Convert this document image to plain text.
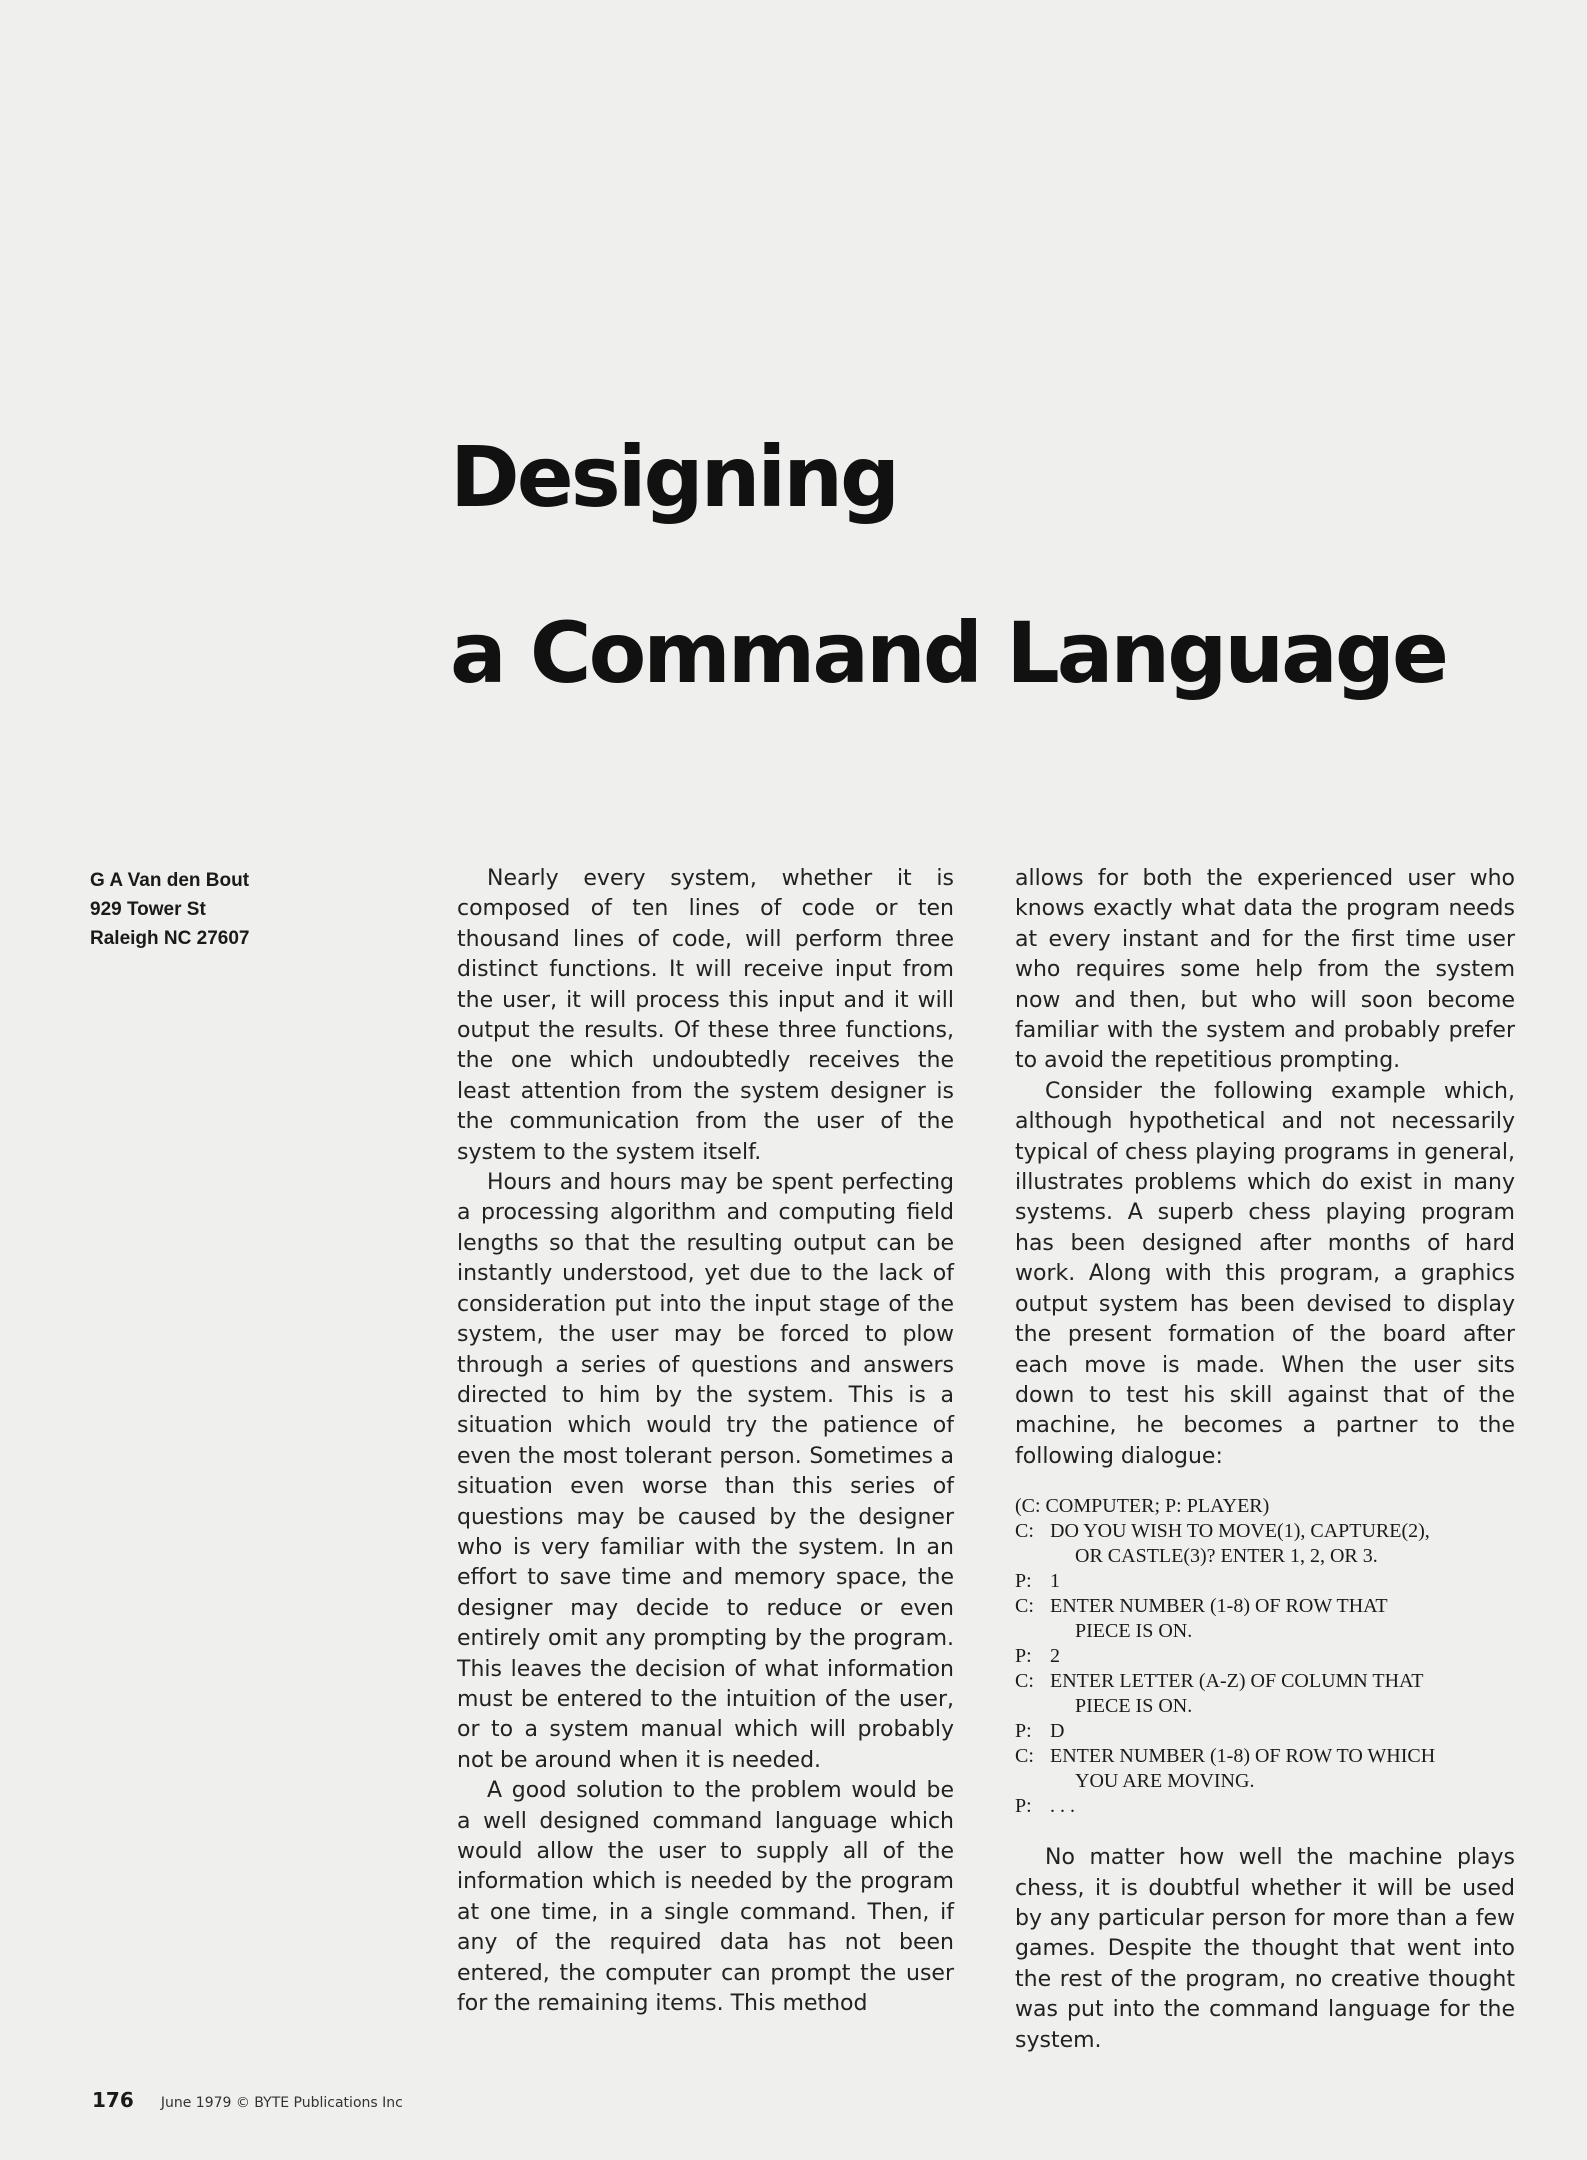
Designing
a Command Language
G A Van den Bout
929 Tower St
Raleigh NC 27607

Nearly every system, whether it is composed of ten lines of code or ten thousand lines of code, will perform three distinct functions. It will receive input from the user, it will process this input and it will output the results. Of these three functions, the one which undoubtedly receives the least attention from the system designer is the communication from the user of the system to the system itself.

Hours and hours may be spent perfecting a processing algorithm and computing field lengths so that the resulting output can be instantly understood, yet due to the lack of consideration put into the input stage of the system, the user may be forced to plow through a series of questions and answers directed to him by the system. This is a situation which would try the patience of even the most tolerant person. Sometimes a situation even worse than this series of questions may be caused by the designer who is very familiar with the system. In an effort to save time and memory space, the designer may decide to reduce or even entirely omit any prompting by the program. This leaves the decision of what information must be entered to the intuition of the user, or to a system manual which will probably not be around when it is needed.

A good solution to the problem would be a well designed command language which would allow the user to supply all of the information which is needed by the program at one time, in a single command. Then, if any of the required data has not been entered, the computer can prompt the user for the remaining items. This method

allows for both the experienced user who knows exactly what data the program needs at every instant and for the first time user who requires some help from the system now and then, but who will soon become familiar with the system and probably prefer to avoid the repetitious prompting.

Consider the following example which, although hypothetical and not necessarily typical of chess playing programs in general, illustrates problems which do exist in many systems. A superb chess playing program has been designed after months of hard work. Along with this program, a graphics output system has been devised to display the present formation of the board after each move is made. When the user sits down to test his skill against that of the machine, he becomes a partner to the following dialogue:

(C: COMPUTER; P: PLAYER)
C: DO YOU WISH TO MOVE(1), CAPTURE(2),
OR CASTLE(3)? ENTER 1, 2, OR 3.
P: 1
C: ENTER NUMBER (1-8) OF ROW THAT
PIECE IS ON.
P: 2
C: ENTER LETTER (A-Z) OF COLUMN THAT
PIECE IS ON.
P: D
C: ENTER NUMBER (1-8) OF ROW TO WHICH
YOU ARE MOVING.
P: . . .

No matter how well the machine plays chess, it is doubtful whether it will be used by any particular person for more than a few games. Despite the thought that went into the rest of the program, no creative thought was put into the command language for the system.

176 June 1979 © BYTE Publications Inc
